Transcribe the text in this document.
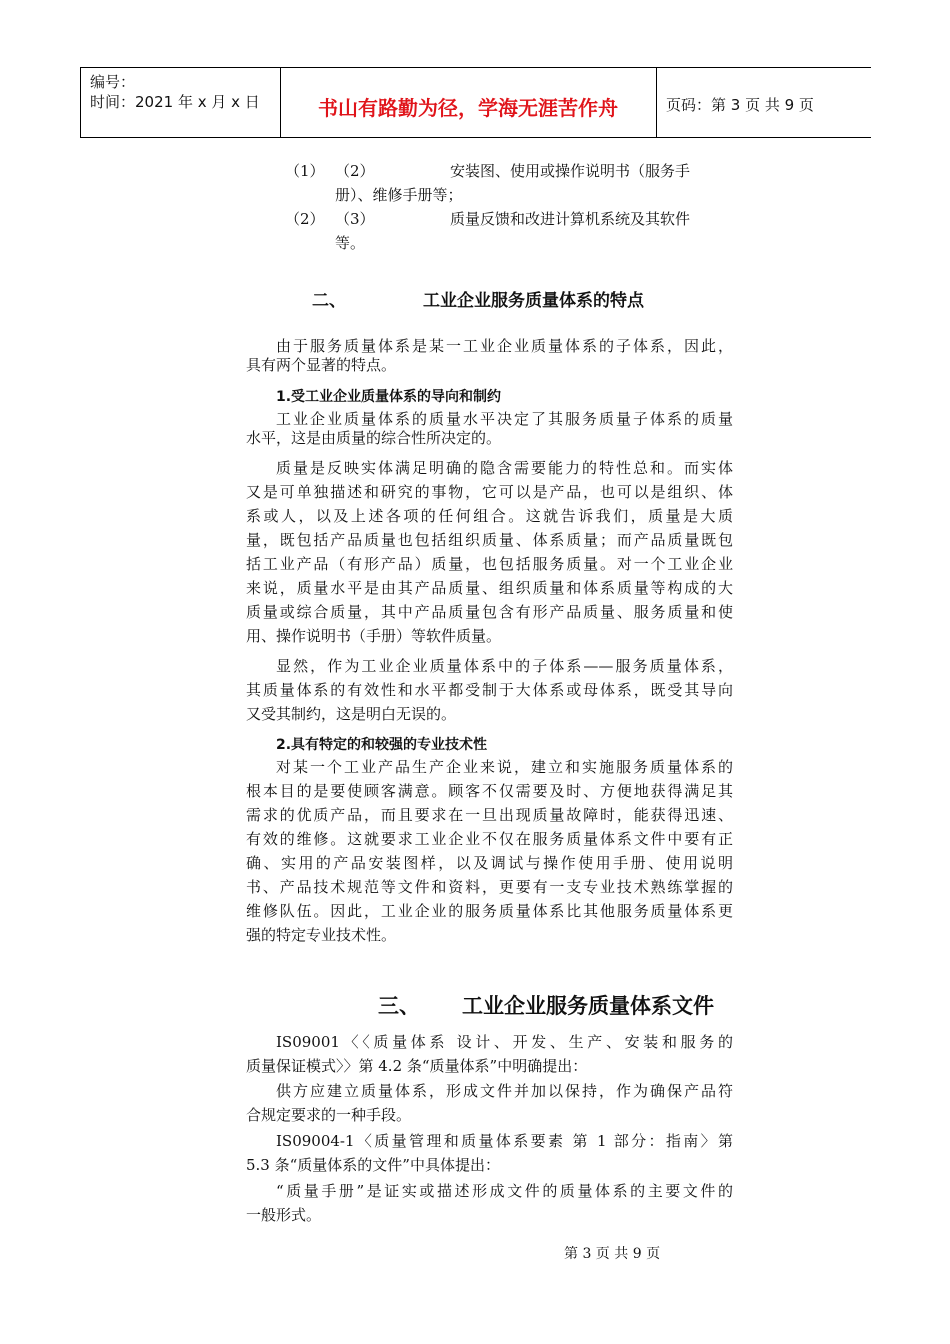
编号：
时间：2021 年 x 月 x 日	书山有路勤为径，学海无涯苦作舟	页码：第 3 页 共 9 页
（1） （2）	安装图、使用或操作说明书（服务手
册）、维修手册等；
（2） （3）	质量反馈和改进计算机系统及其软件
等。
二、	工业企业服务质量体系的特点
由于服务质量体系是某一工业企业质量体系的子体系，因此，
具有两个显著的特点。
1.受工业企业质量体系的导向和制约
工业企业质量体系的质量水平决定了其服务质量子体系的质量
水平，这是由质量的综合性所决定的。
质量是反映实体满足明确的隐含需要能力的特性总和。而实体
又是可单独描述和研究的事物，它可以是产品，也可以是组织、体
系或人，以及上述各项的任何组合。这就告诉我们，质量是大质
量，既包括产品质量也包括组织质量、体系质量；而产品质量既包
括工业产品（有形产品）质量，也包括服务质量。对一个工业企业
来说，质量水平是由其产品质量、组织质量和体系质量等构成的大
质量或综合质量，其中产品质量包含有形产品质量、服务质量和使
用、操作说明书（手册）等软件质量。
显然，作为工业企业质量体系中的子体系——服务质量体系，
其质量体系的有效性和水平都受制于大体系或母体系，既受其导向
又受其制约，这是明白无误的。
2.具有特定的和较强的专业技术性
对某一个工业产品生产企业来说，建立和实施服务质量体系的
根本目的是要使顾客满意。顾客不仅需要及时、方便地获得满足其
需求的优质产品，而且要求在一旦出现质量故障时，能获得迅速、
有效的维修。这就要求工业企业不仅在服务质量体系文件中要有正
确、实用的产品安装图样，以及调试与操作使用手册、使用说明
书、产品技术规范等文件和资料，更要有一支专业技术熟练掌握的
维修队伍。因此，工业企业的服务质量体系比其他服务质量体系更
强的特定专业技术性。
三、 工业企业服务质量体系文件
IS09001〈〈质量体系 设计、开发、生产、安装和服务的
质量保证模式〉〉第 4.2 条“质量体系”中明确提出：
供方应建立质量体系，形成文件并加以保持，作为确保产品符
合规定要求的一种手段。
IS09004-1〈质量管理和质量体系要素 第 1 部分：指南〉第
5.3 条“质量体系的文件”中具体提出：
“质量手册”是证实或描述形成文件的质量体系的主要文件的
一般形式。
第 3 页 共 9 页
